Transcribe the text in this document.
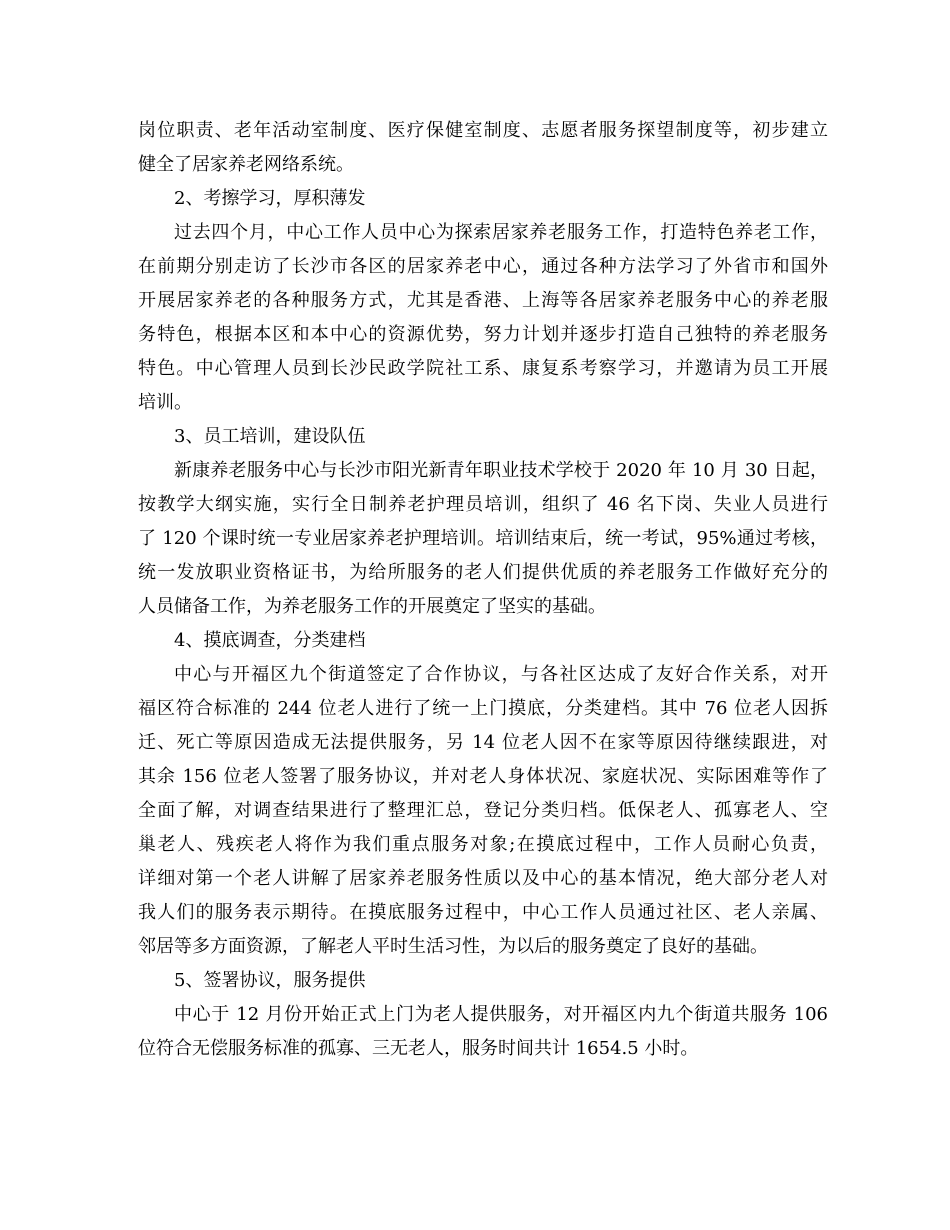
岗位职责、老年活动室制度、医疗保健室制度、志愿者服务探望制度等，初步建立
健全了居家养老网络系统。
2、考擦学习，厚积薄发
过去四个月，中心工作人员中心为探索居家养老服务工作，打造特色养老工作，
在前期分别走访了长沙市各区的居家养老中心，通过各种方法学习了外省市和国外
开展居家养老的各种服务方式，尤其是香港、上海等各居家养老服务中心的养老服
务特色，根据本区和本中心的资源优势，努力计划并逐步打造自己独特的养老服务
特色。中心管理人员到长沙民政学院社工系、康复系考察学习，并邀请为员工开展
培训。
3、员工培训，建设队伍
新康养老服务中心与长沙市阳光新青年职业技术学校于 2020 年 10 月 30 日起，
按教学大纲实施，实行全日制养老护理员培训，组织了 46 名下岗、失业人员进行
了 120 个课时统一专业居家养老护理培训。培训结束后，统一考试，95%通过考核，
统一发放职业资格证书，为给所服务的老人们提供优质的养老服务工作做好充分的
人员储备工作，为养老服务工作的开展奠定了坚实的基础。
4、摸底调查，分类建档
中心与开福区九个街道签定了合作协议，与各社区达成了友好合作关系，对开
福区符合标准的 244 位老人进行了统一上门摸底，分类建档。其中 76 位老人因拆
迁、死亡等原因造成无法提供服务，另 14 位老人因不在家等原因待继续跟进，对
其余 156 位老人签署了服务协议，并对老人身体状况、家庭状况、实际困难等作了
全面了解，对调查结果进行了整理汇总，登记分类归档。低保老人、孤寡老人、空
巢老人、残疾老人将作为我们重点服务对象;在摸底过程中，工作人员耐心负责，
详细对第一个老人讲解了居家养老服务性质以及中心的基本情况，绝大部分老人对
我人们的服务表示期待。在摸底服务过程中，中心工作人员通过社区、老人亲属、
邻居等多方面资源，了解老人平时生活习性，为以后的服务奠定了良好的基础。
5、签署协议，服务提供
中心于 12 月份开始正式上门为老人提供服务，对开福区内九个街道共服务 106
位符合无偿服务标准的孤寡、三无老人，服务时间共计 1654.5 小时。
